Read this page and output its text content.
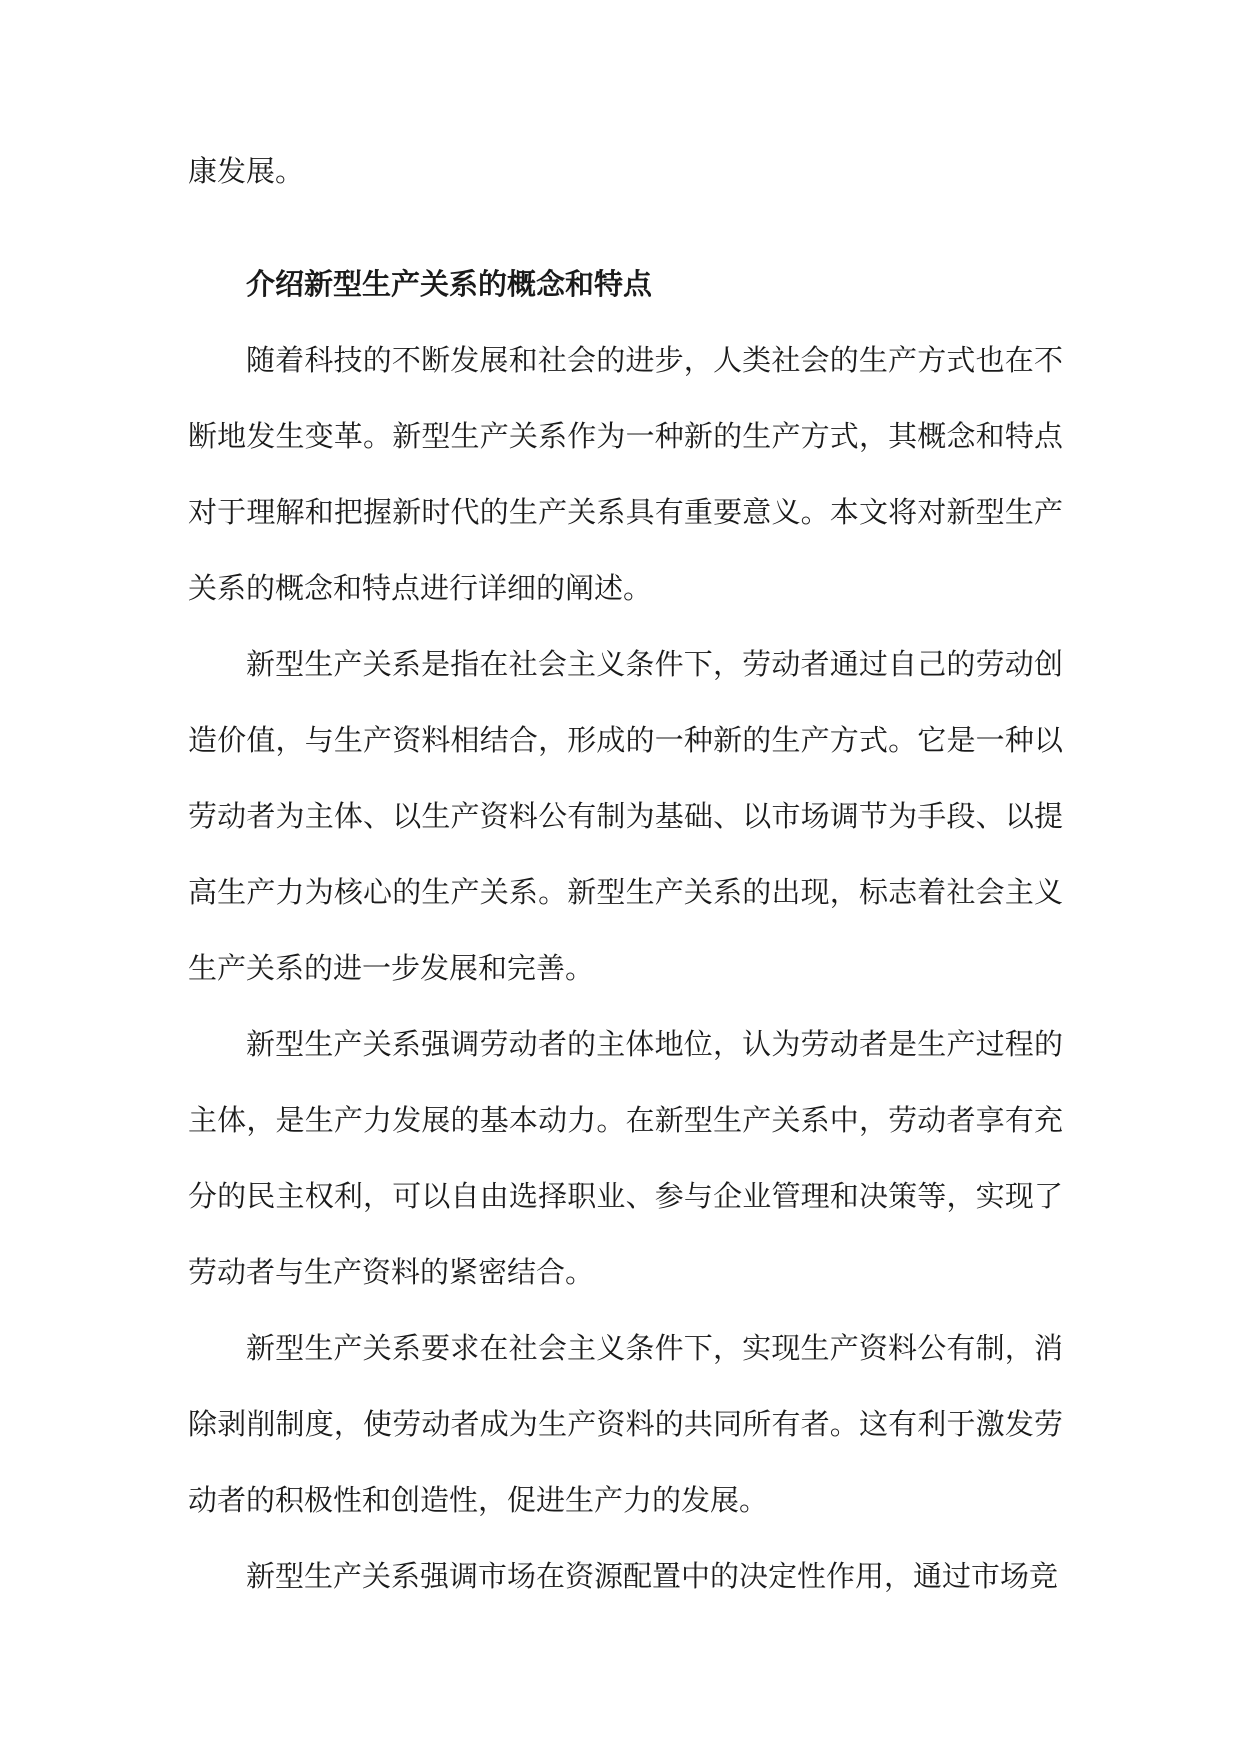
康发展。

介绍新型生产关系的概念和特点

随着科技的不断发展和社会的进步，人类社会的生产方式也在不断地发生变革。新型生产关系作为一种新的生产方式，其概念和特点对于理解和把握新时代的生产关系具有重要意义。本文将对新型生产关系的概念和特点进行详细的阐述。

新型生产关系是指在社会主义条件下，劳动者通过自己的劳动创造价值，与生产资料相结合，形成的一种新的生产方式。它是一种以劳动者为主体、以生产资料公有制为基础、以市场调节为手段、以提高生产力为核心的生产关系。新型生产关系的出现，标志着社会主义生产关系的进一步发展和完善。

新型生产关系强调劳动者的主体地位，认为劳动者是生产过程的主体，是生产力发展的基本动力。在新型生产关系中，劳动者享有充分的民主权利，可以自由选择职业、参与企业管理和决策等，实现了劳动者与生产资料的紧密结合。

新型生产关系要求在社会主义条件下，实现生产资料公有制，消除剥削制度，使劳动者成为生产资料的共同所有者。这有利于激发劳动者的积极性和创造性，促进生产力的发展。

新型生产关系强调市场在资源配置中的决定性作用，通过市场竞
